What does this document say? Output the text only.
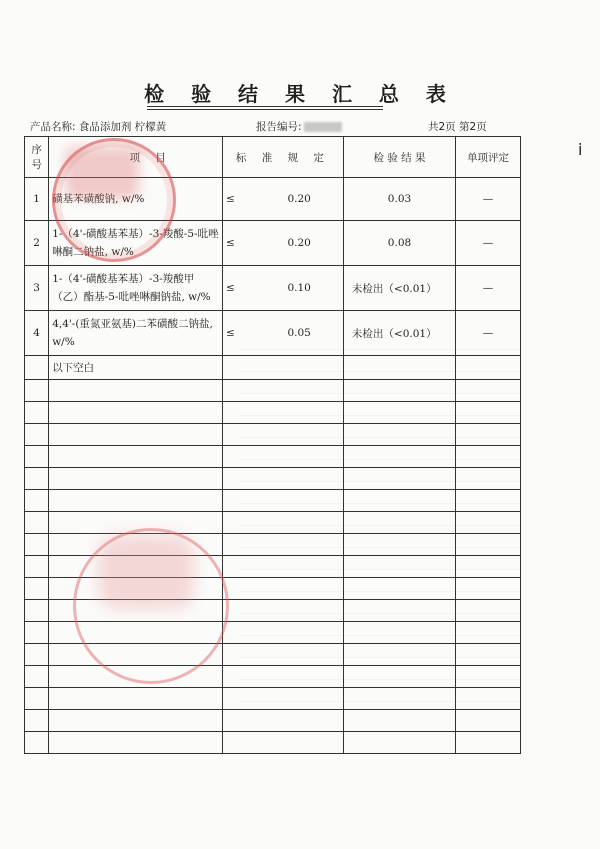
检 验 结 果 汇 总 表
产品名称: 食品添加剂 柠檬黄	报告编号:	共2页 第2页
i
序号	项 目	标 准 规 定		检 验 结 果	单项评定
1	磺基苯磺酸钠, w/%	≤	0.20	0.03	—
2	1-（4'-磺酸基苯基）-3-羧酸-5-吡唑啉酮二钠盐, w/%	≤	0.20	0.08	—
3	1-（4'-磺酸基苯基）-3-羧酸甲（乙）酯基-5-吡唑啉酮钠盐, w/%	≤	0.10	未检出（<0.01）	—
4	4,4'-(重氮亚氨基)二苯磺酸二钠盐, w/%	≤	0.05	未检出（<0.01）	—
	以下空白				
